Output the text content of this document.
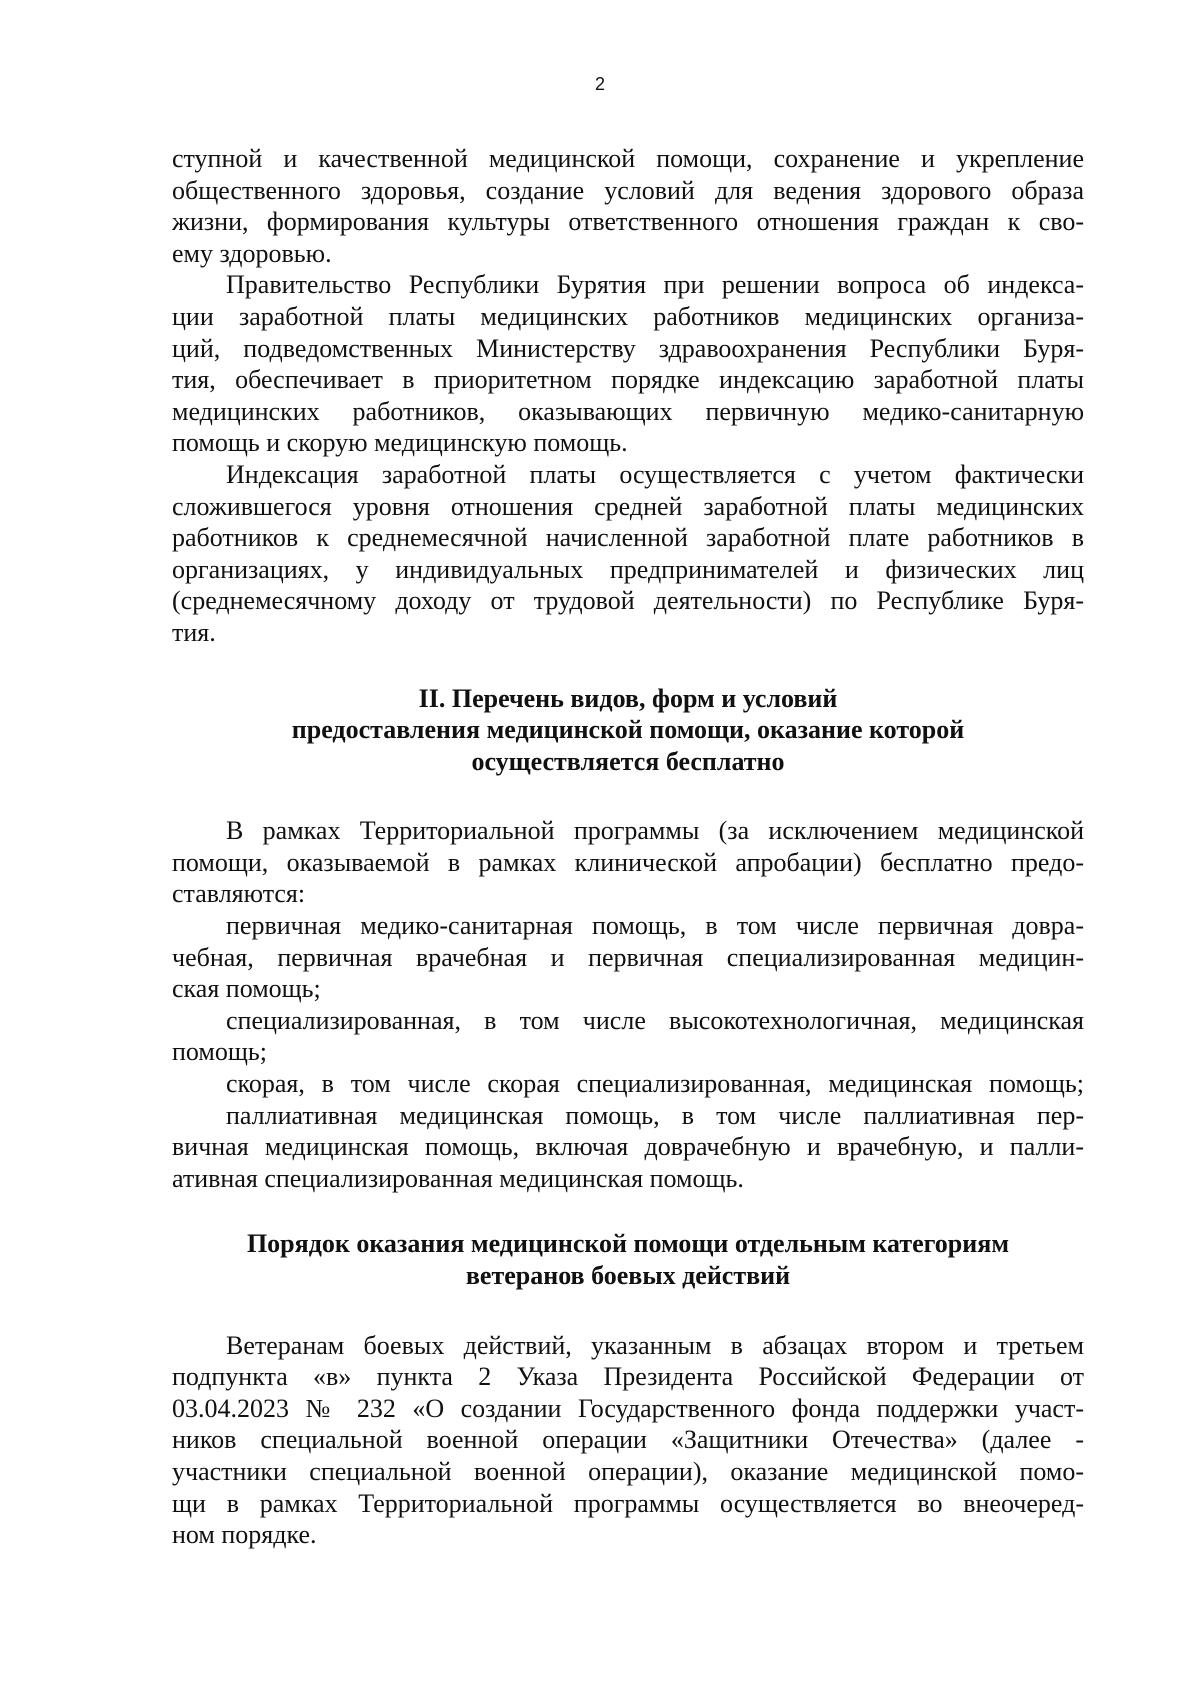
2
ступной и качественной медицинской помощи, сохранение и укрепление
общественного здоровья, создание условий для ведения здорового образа
жизни, формирования культуры ответственного отношения граждан к сво-
ему здоровью.
Правительство Республики Бурятия при решении вопроса об индекса-
ции заработной платы медицинских работников медицинских организа-
ций, подведомственных Министерству здравоохранения Республики Буря-
тия, обеспечивает в приоритетном порядке индексацию заработной платы
медицинских работников, оказывающих первичную медико-санитарную
помощь и скорую медицинскую помощь.
Индексация заработной платы осуществляется с учетом фактически
сложившегося уровня отношения средней заработной платы медицинских
работников к среднемесячной начисленной заработной плате работников в
организациях, у индивидуальных предпринимателей и физических лиц
(среднемесячному доходу от трудовой деятельности) по Республике Буря-
тия.
II. Перечень видов, форм и условий
предоставления медицинской помощи, оказание которой
осуществляется бесплатно
В рамках Территориальной программы (за исключением медицинской
помощи, оказываемой в рамках клинической апробации) бесплатно предо-
ставляются:
первичная медико-санитарная помощь, в том числе первичная довра-
чебная, первичная врачебная и первичная специализированная медицин-
ская помощь;
специализированная, в том числе высокотехнологичная, медицинская
помощь;
скорая, в том числе скорая специализированная, медицинская помощь;
паллиативная медицинская помощь, в том числе паллиативная пер-
вичная медицинская помощь, включая доврачебную и врачебную, и палли-
ативная специализированная медицинская помощь.
Порядок оказания медицинской помощи отдельным категориям
ветеранов боевых действий
Ветеранам боевых действий, указанным в абзацах втором и третьем
подпункта «в» пункта 2 Указа Президента Российской Федерации от
03.04.2023 № 232 «О создании Государственного фонда поддержки участ-
ников специальной военной операции «Защитники Отечества» (далее -
участники специальной военной операции), оказание медицинской помо-
щи в рамках Территориальной программы осуществляется во внеочеред-
ном порядке.
